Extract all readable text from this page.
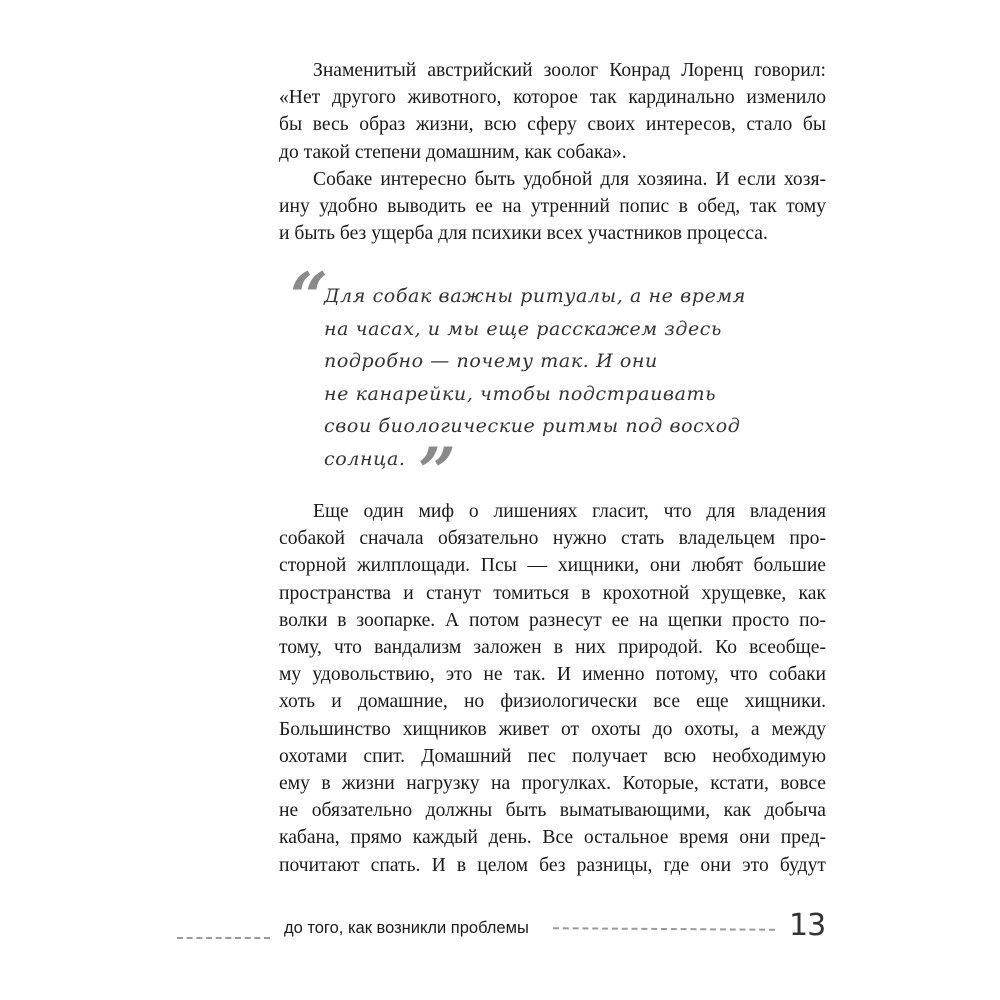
Знаменитый австрийский зоолог Конрад Лоренц говорил:
«Нет другого животного, которое так кардинально изменило
бы весь образ жизни, всю сферу своих интересов, стало бы
до такой степени домашним, как собака».
Собаке интересно быть удобной для хозяина. И если хозя-
ину удобно выводить ее на утренний попис в обед, так тому
и быть без ущерба для психики всех участников процесса.
“
Для собак важны ритуалы, а не время
на часах, и мы еще расскажем здесь
подробно — почему так. И они
не канарейки, чтобы подстраивать
свои биологические ритмы под восход
солнца. ”
Еще один миф о лишениях гласит, что для владения
собакой сначала обязательно нужно стать владельцем про-
сторной жилплощади. Псы — хищники, они любят большие
пространства и станут томиться в крохотной хрущевке, как
волки в зоопарке. А потом разнесут ее на щепки просто по-
тому, что вандализм заложен в них природой. Ко всеобще-
му удовольствию, это не так. И именно потому, что собаки
хоть и домашние, но физиологически все еще хищники.
Большинство хищников живет от охоты до охоты, а между
охотами спит. Домашний пес получает всю необходимую
ему в жизни нагрузку на прогулках. Которые, кстати, вовсе
не обязательно должны быть выматывающими, как добыча
кабана, прямо каждый день. Все остальное время они пред-
почитают спать. И в целом без разницы, где они это будут
до того, как возникли проблемы	13
